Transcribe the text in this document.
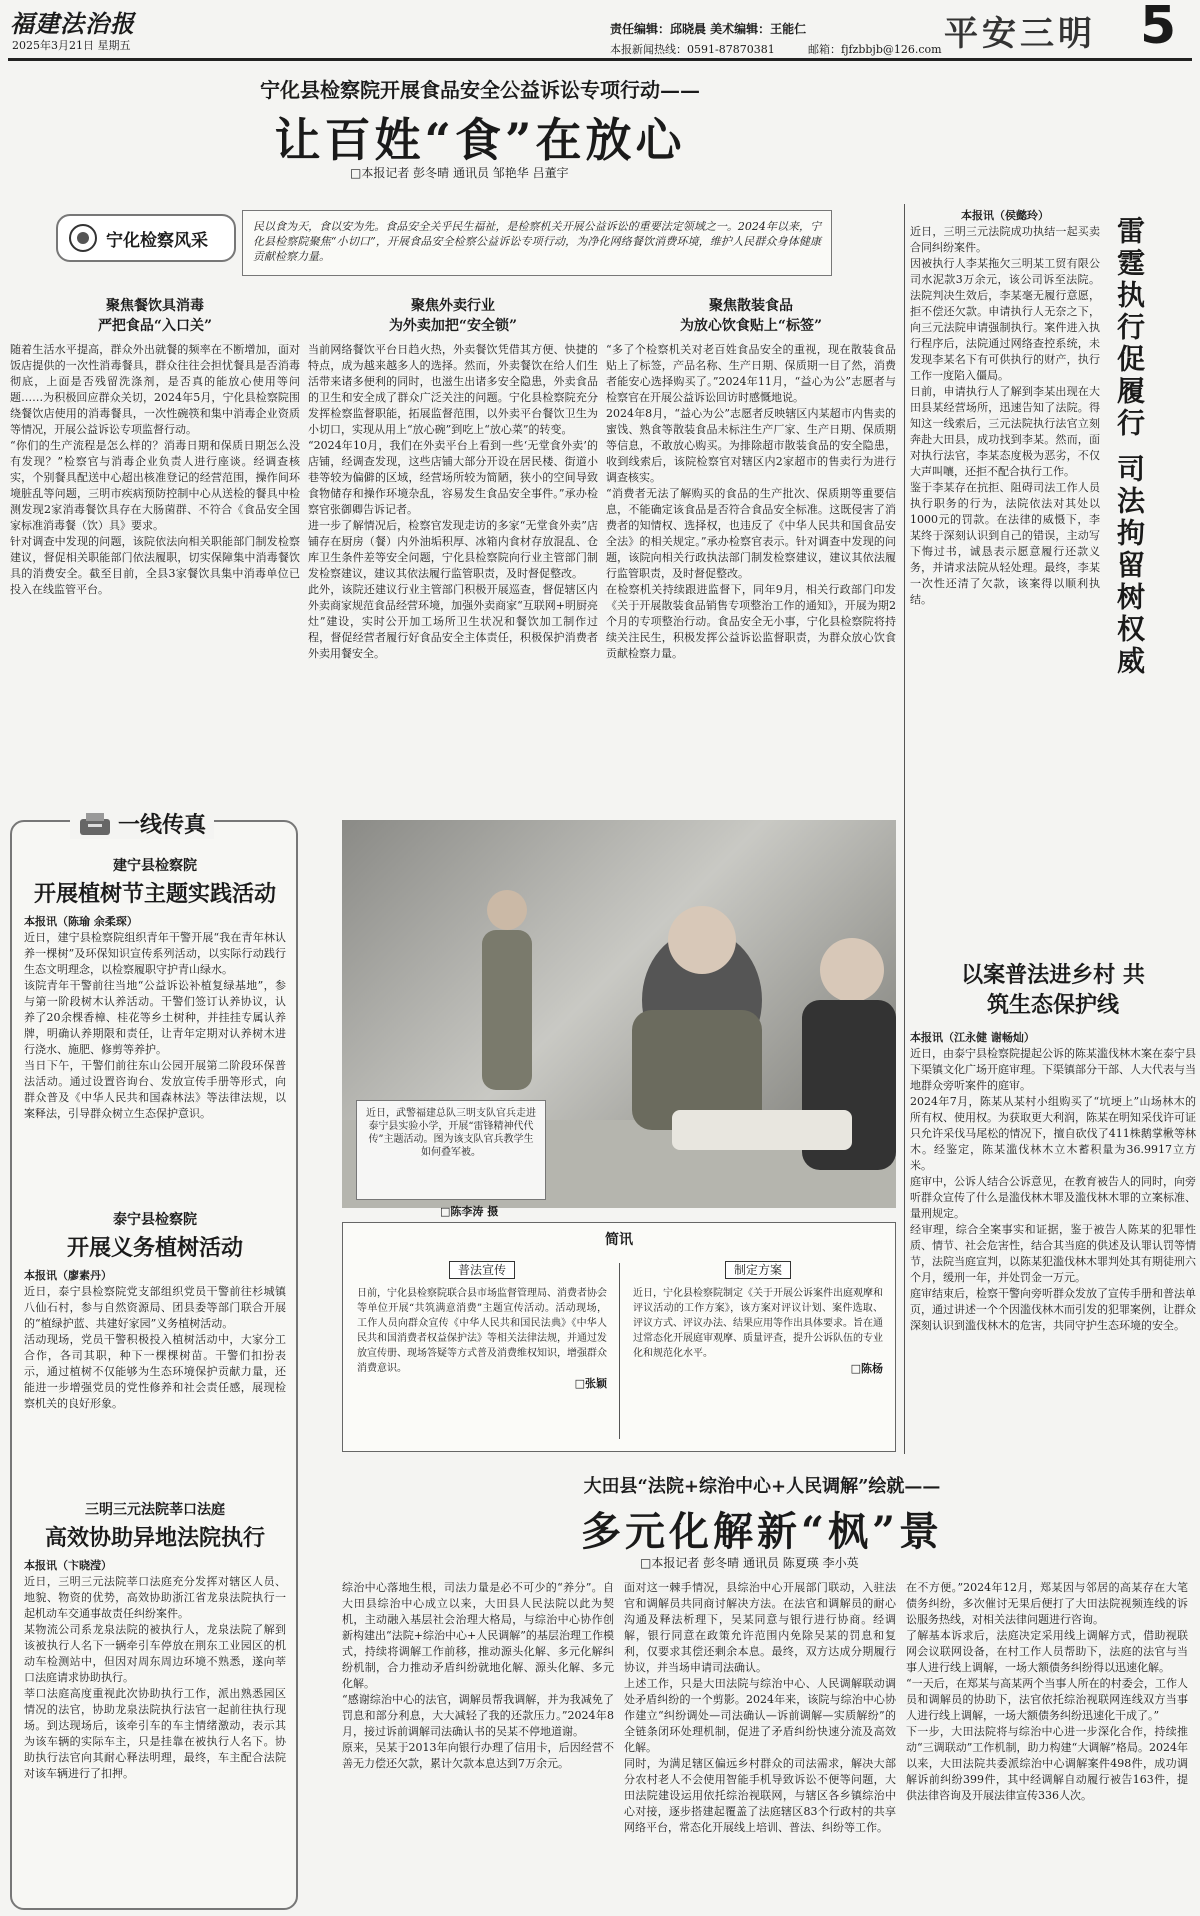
福建法治报
2025年3月21日 星期五
责任编辑：邱晓晨 美术编辑：王能仁
本报新闻热线：0591-87870381	邮箱：fjfzbbjb@126.com 平安三明 5
宁化县检察院开展食品安全公益诉讼专项行动——
让百姓“食”在放心
□本报记者 彭冬晴 通讯员 邹艳华 吕董宇
宁化检察风采
民以食为天，食以安为先。食品安全关乎民生福祉，是检察机关开展公益诉讼的重要法定领域之一。2024年以来，宁化县检察院聚焦“小切口”，开展食品安全检察公益诉讼专项行动，为净化网络餐饮消费环境，维护人民群众身体健康贡献检察力量。
聚焦餐饮具消毒
严把食品“入口关”
随着生活水平提高，群众外出就餐的频率在不断增加，面对饭店提供的一次性消毒餐具，群众往往会担忧餐具是否消毒彻底，上面是否残留洗涤剂，是否真的能放心使用等问题……为积极回应群众关切，2024年5月，宁化县检察院围绕餐饮店使用的消毒餐具，一次性碗筷和集中消毒企业资质等情况，开展公益诉讼专项监督行动。
“你们的生产流程是怎么样的？消毒日期和保质日期怎么没有发现？”检察官与消毒企业负责人进行座谈。经调查核实，个别餐具配送中心超出核准登记的经营范围，操作间环境脏乱等问题，三明市疾病预防控制中心从送检的餐具中检测发现2家消毒餐饮具存在大肠菌群、不符合《食品安全国家标准消毒餐（饮）具》要求。
针对调查中发现的问题，该院依法向相关职能部门制发检察建议，督促相关职能部门依法履职，切实保障集中消毒餐饮具的消费安全。截至目前，全县3家餐饮具集中消毒单位已投入在线监管平台。
聚焦外卖行业
为外卖加把“安全锁”
当前网络餐饮平台日趋火热，外卖餐饮凭借其方便、快捷的特点，成为越来越多人的选择。然而，外卖餐饮在给人们生活带来诸多便利的同时，也滋生出诸多安全隐患，外卖食品的卫生和安全成了群众广泛关注的问题。宁化县检察院充分发挥检察监督职能，拓展监督范围，以外卖平台餐饮卫生为小切口，实现从用上“放心碗”到吃上“放心菜”的转变。
“2024年10月，我们在外卖平台上看到一些‘无堂食外卖’的店铺，经调查发现，这些店铺大部分开设在居民楼、街道小巷等较为偏僻的区域，经营场所较为简陋，狭小的空间导致食物储存和操作环境杂乱，容易发生食品安全事件。”承办检察官张御卿告诉记者。
进一步了解情况后，检察官发现走访的多家“无堂食外卖”店铺存在厨房（餐）内外油垢积厚、冰箱内食材存放混乱、仓库卫生条件差等安全问题，宁化县检察院向行业主管部门制发检察建议，建议其依法履行监管职责，及时督促整改。
此外，该院还建议行业主管部门积极开展巡查，督促辖区内外卖商家规范食品经营环境，加强外卖商家“互联网+明厨亮灶”建设，实时公开加工场所卫生状况和餐饮加工制作过程，督促经营者履行好食品安全主体责任，积极保护消费者外卖用餐安全。
聚焦散装食品
为放心饮食贴上“标签”
“多了个检察机关对老百姓食品安全的重视，现在散装食品贴上了标签，产品名称、生产日期、保质期一目了然，消费者能安心选择购买了。”2024年11月，“益心为公”志愿者与检察官在开展公益诉讼回访时感慨地说。
2024年8月，“益心为公”志愿者反映辖区内某超市内售卖的蜜饯、熟食等散装食品未标注生产厂家、生产日期、保质期等信息，不敢放心购买。为排除超市散装食品的安全隐患，收到线索后，该院检察官对辖区内2家超市的售卖行为进行调查核实。
“消费者无法了解购买的食品的生产批次、保质期等重要信息，不能确定该食品是否符合食品安全标准。这既侵害了消费者的知情权、选择权，也违反了《中华人民共和国食品安全法》的相关规定。”承办检察官表示。针对调查中发现的问题，该院向相关行政执法部门制发检察建议，建议其依法履行监管职责，及时督促整改。
在检察机关持续跟进监督下，同年9月，相关行政部门印发《关于开展散装食品销售专项整治工作的通知》，开展为期2个月的专项整治行动。食品安全无小事，宁化县检察院将持续关注民生，积极发挥公益诉讼监督职责，为群众放心饮食贡献检察力量。
本报讯（侯懿玲）
近日，三明三元法院成功执结一起买卖合同纠纷案件。
因被执行人李某拖欠三明某工贸有限公司水泥款3万余元，该公司诉至法院。法院判决生效后，李某毫无履行意愿，拒不偿还欠款。申请执行人无奈之下，向三元法院申请强制执行。案件进入执行程序后，法院通过网络查控系统，未发现李某名下有可供执行的财产，执行工作一度陷入僵局。
日前，申请执行人了解到李某出现在大田县某经营场所，迅速告知了法院。得知这一线索后，三元法院执行法官立刻奔赴大田县，成功找到李某。然而，面对执行法官，李某态度极为恶劣，不仅大声叫嚷，还拒不配合执行工作。
鉴于李某存在抗拒、阻碍司法工作人员执行职务的行为，法院依法对其处以1000元的罚款。在法律的威慑下，李某终于深刻认识到自己的错误，主动写下悔过书，诚恳表示愿意履行还款义务，并请求法院从轻处理。最终，李某一次性还清了欠款，该案得以顺利执结。	雷霆执行促履行 司法拘留树权威
以案普法进乡村 共筑生态保护线
本报讯（江永健 谢畅灿）
近日，由泰宁县检察院提起公诉的陈某滥伐林木案在泰宁县下渠镇文化广场开庭审理。下渠镇部分干部、人大代表与当地群众旁听案件的庭审。
2024年7月，陈某从某村小组购买了“坑埂上”山场林木的所有权、使用权。为获取更大利润，陈某在明知采伐许可证只允许采伐马尾松的情况下，擅自砍伐了411株鹅掌楸等林木。经鉴定，陈某滥伐林木立木蓄积量为36.9917立方米。
庭审中，公诉人结合公诉意见，在教育被告人的同时，向旁听群众宣传了什么是滥伐林木罪及滥伐林木罪的立案标准、量刑规定。
经审理，综合全案事实和证据，鉴于被告人陈某的犯罪性质、情节、社会危害性，结合其当庭的供述及认罪认罚等情节，法院当庭宣判，以陈某犯滥伐林木罪判处其有期徒刑六个月，缓刑一年，并处罚金一万元。
庭审结束后，检察干警向旁听群众发放了宣传手册和普法单页，通过讲述一个个因滥伐林木而引发的犯罪案例，让群众深刻认识到滥伐林木的危害，共同守护生态环境的安全。
一线传真
建宁县检察院
开展植树节主题实践活动
本报讯（陈瑜 余柔琛）
近日，建宁县检察院组织青年干警开展“我在青年林认养一棵树”及环保知识宣传系列活动，以实际行动践行生态文明理念，以检察履职守护青山绿水。
该院青年干警前往当地“公益诉讼补植复绿基地”，参与第一阶段树木认养活动。干警们签订认养协议，认养了20余棵香樟、桂花等乡土树种，并挂挂专属认养牌，明确认养期限和责任，让青年定期对认养树木进行浇水、施肥、修剪等养护。
当日下午，干警们前往东山公园开展第二阶段环保普法活动。通过设置咨询台、发放宣传手册等形式，向群众普及《中华人民共和国森林法》等法律法规，以案释法，引导群众树立生态保护意识。
泰宁县检察院
开展义务植树活动
本报讯（廖素丹）
近日，泰宁县检察院党支部组织党员干警前往杉城镇八仙石村，参与自然资源局、团县委等部门联合开展的“植绿护蓝、共建好家园”义务植树活动。
活动现场，党员干警积极投入植树活动中，大家分工合作，各司其职，种下一棵棵树苗。干警们扣扮表示，通过植树不仅能够为生态环境保护贡献力量，还能进一步增强党员的党性修养和社会责任感，展现检察机关的良好形象。
三明三元法院莘口法庭
高效协助异地法院执行
本报讯（卞晓滢）
近日，三明三元法院莘口法庭充分发挥对辖区人员、地貌、物资的优势，高效协助浙江省龙泉法院执行一起机动车交通事故责任纠纷案件。
某物流公司系龙泉法院的被执行人，龙泉法院了解到该被执行人名下一辆牵引车停放在荆东工业园区的机动车检测站中，但因对周东周边环境不熟悉，遂向莘口法庭请求协助执行。
莘口法庭高度重视此次协助执行工作，派出熟悉园区情况的法官，协助龙泉法院执行法官一起前往执行现场。到达现场后，该牵引车的车主情绪激动，表示其为该车辆的实际车主，只是挂靠在被执行人名下。协助执行法官向其耐心释法明理，最终，车主配合法院对该车辆进行了扣押。
近日，武警福建总队三明支队官兵走进泰宁县实验小学，开展“雷锋精神代代传”主题活动。图为该支队官兵教学生如何叠军被。
□陈李涛 摄
简讯
普法宣传
日前，宁化县检察院联合县市场监督管理局、消费者协会等单位开展“共筑满意消费”主题宣传活动。活动现场，工作人员向群众宣传《中华人民共和国民法典》《中华人民共和国消费者权益保护法》等相关法律法规，并通过发放宣传册、现场答疑等方式普及消费维权知识，增强群众消费意识。
□张颖
制定方案
近日，宁化县检察院制定《关于开展公诉案件出庭观摩和评议活动的工作方案》，该方案对评议计划、案件选取、评议方式、评议办法、结果应用等作出具体要求。旨在通过常态化开展庭审观摩、质量评查，提升公诉队伍的专业化和规范化水平。
□陈杨
大田县“法院+综治中心+人民调解”绘就——
多元化解新“枫”景
□本报记者 彭冬晴 通讯员 陈夏瑛 李小英
综治中心落地生根，司法力量是必不可少的“养分”。自大田县综治中心成立以来，大田县人民法院以此为契机，主动融入基层社会治理大格局，与综治中心协作创新构建出“法院+综治中心+人民调解”的基层治理工作模式，持续将调解工作前移，推动源头化解、多元化解纠纷机制，合力推动矛盾纠纷就地化解、源头化解、多元化解。
“感谢综治中心的法官，调解员帮我调解，并为我减免了罚息和部分利息，大大减轻了我的还款压力。”2024年8月，接过诉前调解司法确认书的吴某不停地道谢。
原来，吴某于2013年向银行办理了信用卡，后因经营不善无力偿还欠款，累计欠款本息达到7万余元。
面对这一棘手情况，县综治中心开展部门联动，入驻法官和调解员共同商讨解决方法。在法官和调解员的耐心沟通及释法析理下，吴某同意与银行进行协商。经调解，银行同意在政策允许范围内免除吴某的罚息和复利，仅要求其偿还剩余本息。最终，双方达成分期履行协议，并当场申请司法确认。
上述工作，只是大田法院与综治中心、人民调解联动调处矛盾纠纷的一个剪影。2024年来，该院与综治中心协作建立“纠纷调处—司法确认—诉前调解—实质解纷”的全链条闭环处理机制，促进了矛盾纠纷快速分流及高效化解。
同时，为满足辖区偏远乡村群众的司法需求，解决大部分农村老人不会使用智能手机导致诉讼不便等问题，大田法院建设运用依托综治视联网，与辖区各乡镇综治中心对接，逐步搭建起覆盖了法庭辖区83个行政村的共享网络平台，常态化开展线上培训、普法、纠纷等工作。
在不方便。”2024年12月，郑某因与邻居的高某存在大笔债务纠纷，多次催讨无果后便打了大田法院视频连线的诉讼服务热线，对相关法律问题进行咨询。
了解基本诉求后，法庭决定采用线上调解方式，借助视联网会议联网设备，在村工作人员帮助下，法庭的法官与当事人进行线上调解，一场大额债务纠纷得以迅速化解。
“一天后，在郑某与高某两个当事人所在的村委会，工作人员和调解员的协助下，法官依托综治视联网连线双方当事人进行线上调解，一场大额债务纠纷迅速化干成了。”
下一步，大田法院将与综治中心进一步深化合作，持续推动“三调联动”工作机制，助力构建“大调解”格局。2024年以来，大田法院共委派综治中心调解案件498件，成功调解诉前纠纷399件，其中经调解自动履行被告163件，提供法律咨询及开展法律宣传336人次。
